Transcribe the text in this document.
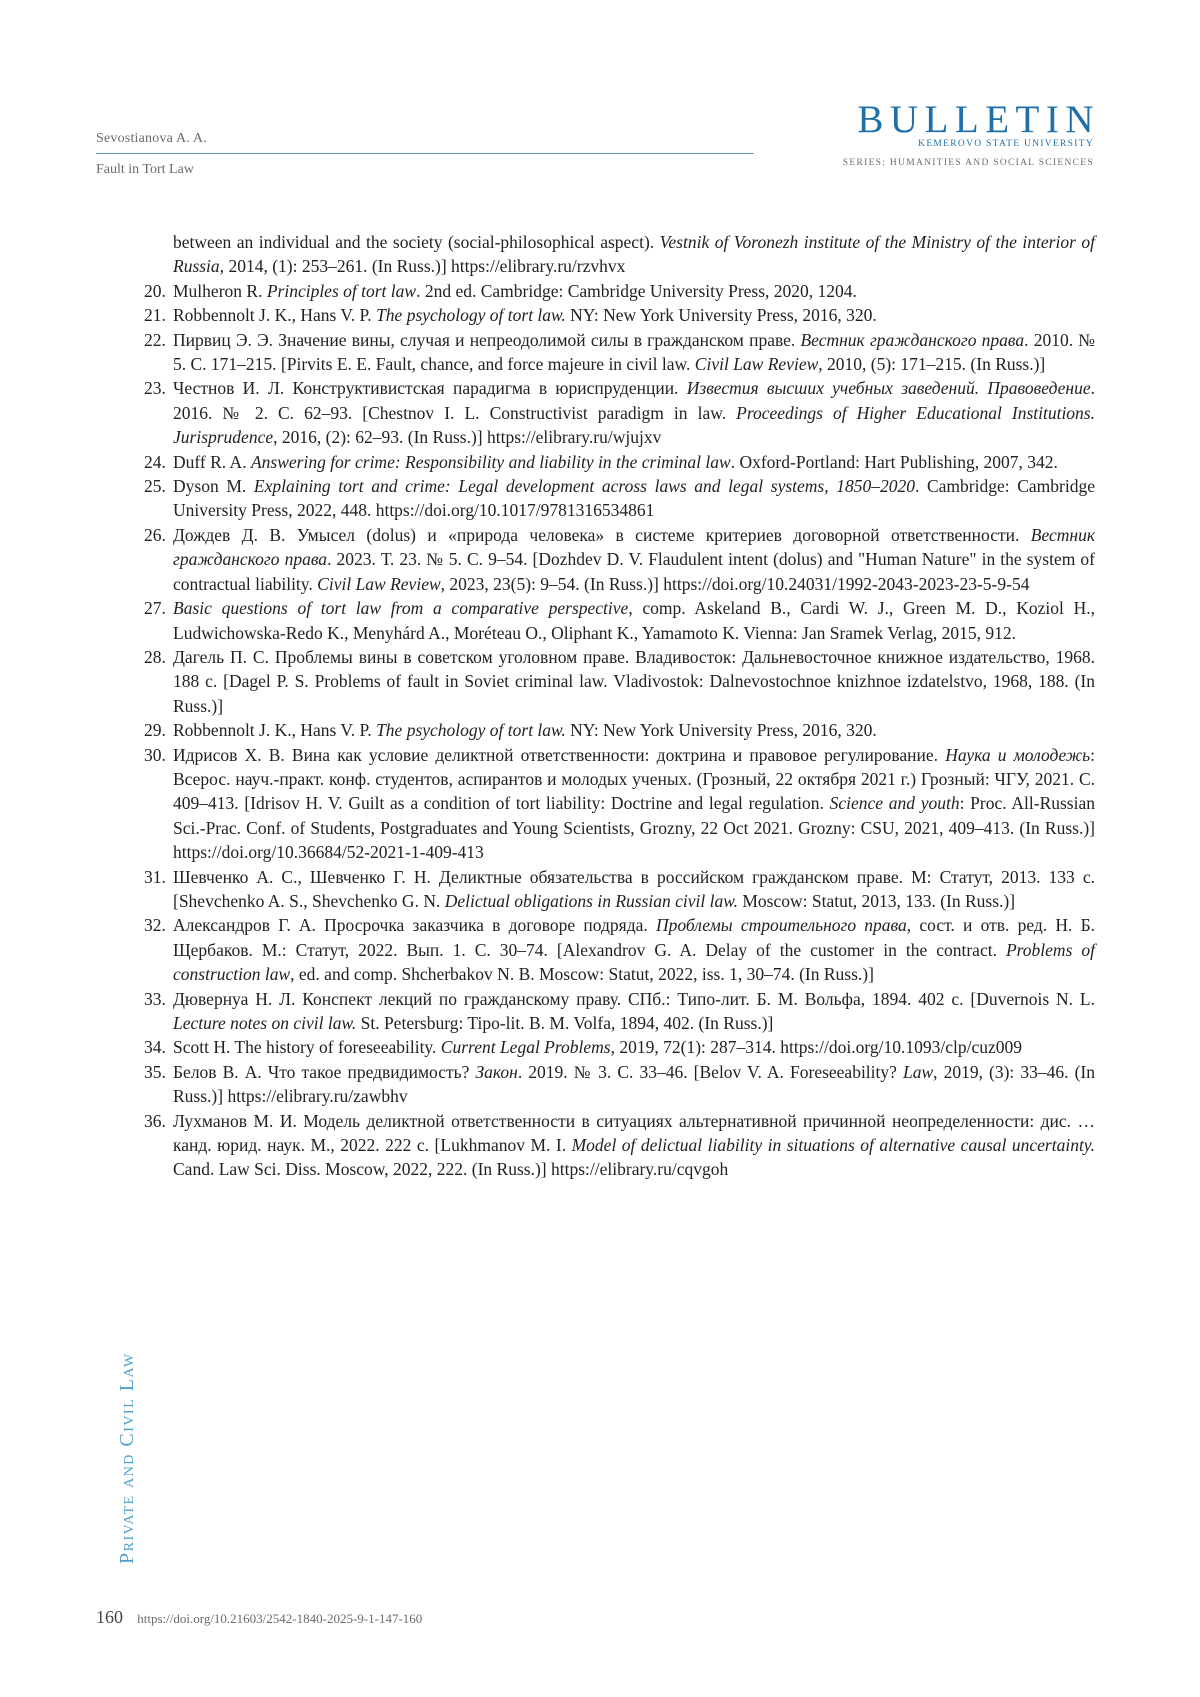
Sevostianova A. A.
Fault in Tort Law
BULLETIN
KEMEROVO STATE UNIVERSITY
SERIES: HUMANITIES AND SOCIAL SCIENCES
between an individual and the society (social-philosophical aspect). Vestnik of Voronezh institute of the Ministry of the interior of Russia, 2014, (1): 253–261. (In Russ.)] https://elibrary.ru/rzvhvx
20. Mulheron R. Principles of tort law. 2nd ed. Cambridge: Cambridge University Press, 2020, 1204.
21. Robbennolt J. K., Hans V. P. The psychology of tort law. NY: New York University Press, 2016, 320.
22. Пирвиц Э. Э. Значение вины, случая и непреодолимой силы в гражданском праве. Вестник гражданского права. 2010. № 5. С. 171–215. [Pirvits E. E. Fault, chance, and force majeure in civil law. Civil Law Review, 2010, (5): 171–215. (In Russ.)]
23. Честнов И. Л. Конструктивистская парадигма в юриспруденции. Известия высших учебных заведений. Правоведение. 2016. № 2. С. 62–93. [Chestnov I. L. Constructivist paradigm in law. Proceedings of Higher Educational Institutions. Jurisprudence, 2016, (2): 62–93. (In Russ.)] https://elibrary.ru/wjujxv
24. Duff R. A. Answering for crime: Responsibility and liability in the criminal law. Oxford-Portland: Hart Publishing, 2007, 342.
25. Dyson M. Explaining tort and crime: Legal development across laws and legal systems, 1850–2020. Cambridge: Cambridge University Press, 2022, 448. https://doi.org/10.1017/9781316534861
26. Дождев Д. В. Умысел (dolus) и «природа человека» в системе критериев договорной ответственности. Вестник гражданского права. 2023. Т. 23. № 5. С. 9–54. [Dozhdev D. V. Flaudulent intent (dolus) and "Human Nature" in the system of contractual liability. Civil Law Review, 2023, 23(5): 9–54. (In Russ.)] https://doi.org/10.24031/1992-2043-2023-23-5-9-54
27. Basic questions of tort law from a comparative perspective, comp. Askeland B., Cardi W. J., Green M. D., Koziol H., Ludwichowska-Redo K., Menyhárd A., Moréteau O., Oliphant K., Yamamoto K. Vienna: Jan Sramek Verlag, 2015, 912.
28. Дагель П. С. Проблемы вины в советском уголовном праве. Владивосток: Дальневосточное книжное издательство, 1968. 188 с. [Dagel P. S. Problems of fault in Soviet criminal law. Vladivostok: Dalnevostochnoe knizhnoe izdatelstvo, 1968, 188. (In Russ.)]
29. Robbennolt J. K., Hans V. P. The psychology of tort law. NY: New York University Press, 2016, 320.
30. Идрисов Х. В. Вина как условие деликтной ответственности: доктрина и правовое регулирование. Наука и молодежь: Всерос. науч.-практ. конф. студентов, аспирантов и молодых ученых. (Грозный, 22 октября 2021 г.) Грозный: ЧГУ, 2021. С. 409–413. [Idrisov H. V. Guilt as a condition of tort liability: Doctrine and legal regulation. Science and youth: Proc. All-Russian Sci.-Prac. Conf. of Students, Postgraduates and Young Scientists, Grozny, 22 Oct 2021. Grozny: CSU, 2021, 409–413. (In Russ.)] https://doi.org/10.36684/52-2021-1-409-413
31. Шевченко А. С., Шевченко Г. Н. Деликтные обязательства в российском гражданском праве. М: Статут, 2013. 133 с. [Shevchenko A. S., Shevchenko G. N. Delictual obligations in Russian civil law. Moscow: Statut, 2013, 133. (In Russ.)]
32. Александров Г. А. Просрочка заказчика в договоре подряда. Проблемы строительного права, сост. и отв. ред. Н. Б. Щербаков. М.: Статут, 2022. Вып. 1. С. 30–74. [Alexandrov G. A. Delay of the customer in the contract. Problems of construction law, ed. and comp. Shcherbakov N. B. Moscow: Statut, 2022, iss. 1, 30–74. (In Russ.)]
33. Дювернуа Н. Л. Конспект лекций по гражданскому праву. СПб.: Типо-лит. Б. М. Вольфа, 1894. 402 с. [Duvernois N. L. Lecture notes on civil law. St. Petersburg: Tipo-lit. B. M. Volfa, 1894, 402. (In Russ.)]
34. Scott H. The history of foreseeability. Current Legal Problems, 2019, 72(1): 287–314. https://doi.org/10.1093/clp/cuz009
35. Белов В. А. Что такое предвидимость? Закон. 2019. № 3. С. 33–46. [Belov V. A. Foreseeability? Law, 2019, (3): 33–46. (In Russ.)] https://elibrary.ru/zawbhv
36. Лухманов М. И. Модель деликтной ответственности в ситуациях альтернативной причинной неопределенности: дис. … канд. юрид. наук. М., 2022. 222 с. [Lukhmanov M. I. Model of delictual liability in situations of alternative causal uncertainty. Cand. Law Sci. Diss. Moscow, 2022, 222. (In Russ.)] https://elibrary.ru/cqvgoh
Private and Civil Law
160 https://doi.org/10.21603/2542-1840-2025-9-1-147-160
